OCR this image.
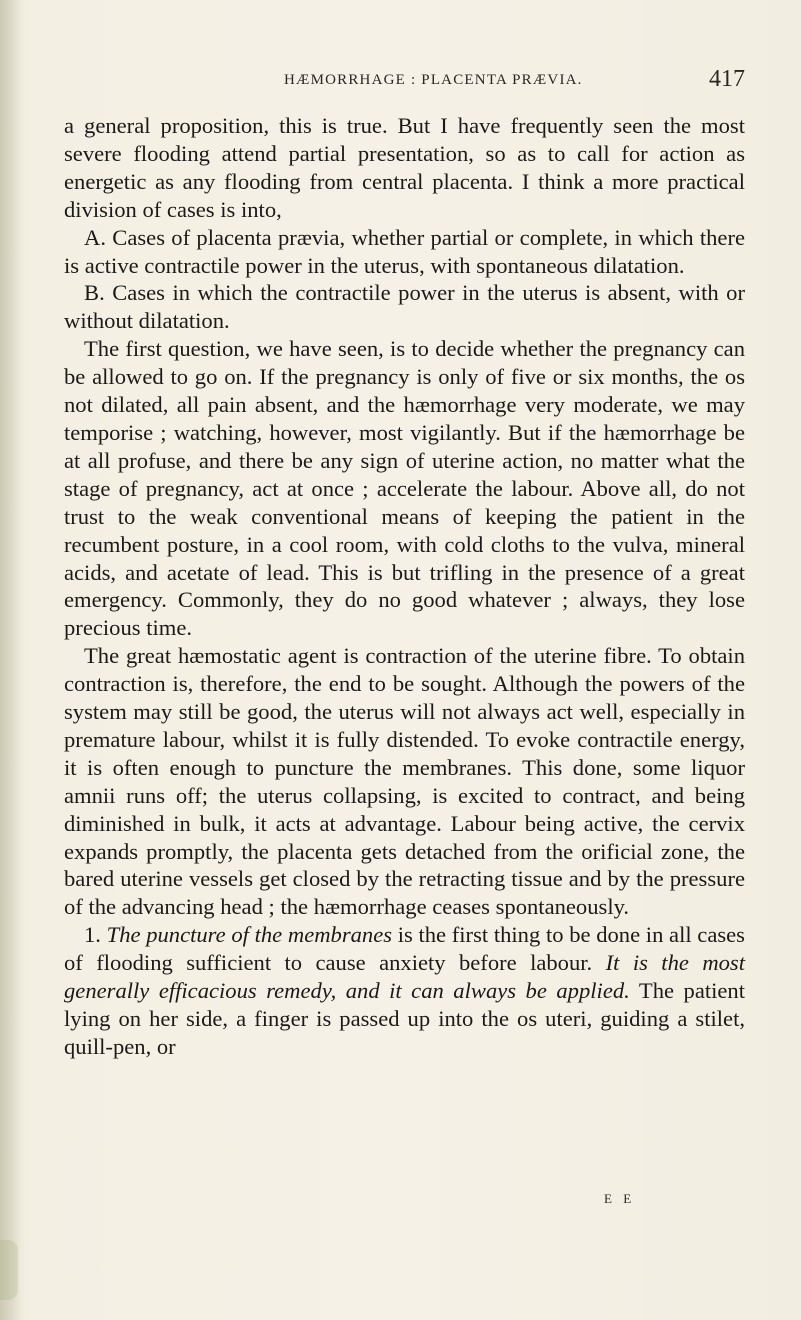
HÆMORRHAGE : PLACENTA PRÆVIA.	417

a general proposition, this is true. But I have frequently seen the most severe flooding attend partial presentation, so as to call for action as energetic as any flooding from central placenta. I think a more practical division of cases is into,

A. Cases of placenta prævia, whether partial or complete, in which there is active contractile power in the uterus, with spontaneous dilatation.

B. Cases in which the contractile power in the uterus is absent, with or without dilatation.

The first question, we have seen, is to decide whether the pregnancy can be allowed to go on. If the pregnancy is only of five or six months, the os not dilated, all pain absent, and the hæmorrhage very moderate, we may temporise ; watching, however, most vigilantly. But if the hæmorrhage be at all profuse, and there be any sign of uterine action, no matter what the stage of pregnancy, act at once ; accelerate the labour. Above all, do not trust to the weak conventional means of keeping the patient in the recumbent posture, in a cool room, with cold cloths to the vulva, mineral acids, and acetate of lead. This is but trifling in the presence of a great emergency. Commonly, they do no good whatever ; always, they lose precious time.

The great hæmostatic agent is contraction of the uterine fibre. To obtain contraction is, therefore, the end to be sought. Although the powers of the system may still be good, the uterus will not always act well, especially in premature labour, whilst it is fully distended. To evoke contractile energy, it is often enough to puncture the membranes. This done, some liquor amnii runs off; the uterus collapsing, is excited to contract, and being diminished in bulk, it acts at advantage. Labour being active, the cervix expands promptly, the placenta gets detached from the orificial zone, the bared uterine vessels get closed by the retracting tissue and by the pressure of the advancing head ; the hæmorrhage ceases spontaneously.

1. The puncture of the membranes is the first thing to be done in all cases of flooding sufficient to cause anxiety before labour. It is the most generally efficacious remedy, and it can always be applied. The patient lying on her side, a finger is passed up into the os uteri, guiding a stilet, quill-pen, or

E E
